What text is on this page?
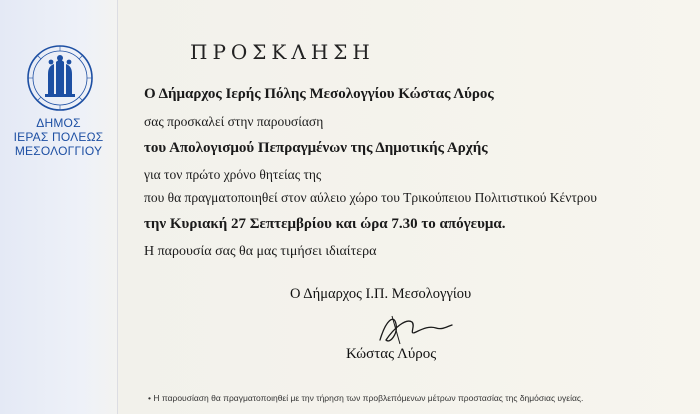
ΔΗΜΟΣ
ΙΕΡΑΣ ΠΟΛΕΩΣ
ΜΕΣΟΛΟΓΓΙΟΥ
ΠΡΟΣΚΛΗΣΗ
Ο Δήμαρχος Ιερής Πόλης Μεσολογγίου Κώστας Λύρος
σας προσκαλεί στην παρουσίαση
του Απολογισμού Πεπραγμένων της Δημοτικής Αρχής
για τον πρώτο χρόνο θητείας της
που θα πραγματοποιηθεί στον αύλειο χώρο του Τρικούπειου Πολιτιστικού Κέντρου
την Κυριακή 27 Σεπτεμβρίου και ώρα 7.30 το απόγευμα.
Η παρουσία σας θα μας τιμήσει ιδιαίτερα
Ο Δήμαρχος Ι.Π. Μεσολογγίου
Κώστας Λύρος
• Η παρουσίαση θα πραγματοποιηθεί με την τήρηση των προβλεπόμενων μέτρων προστασίας της δημόσιας υγείας.
